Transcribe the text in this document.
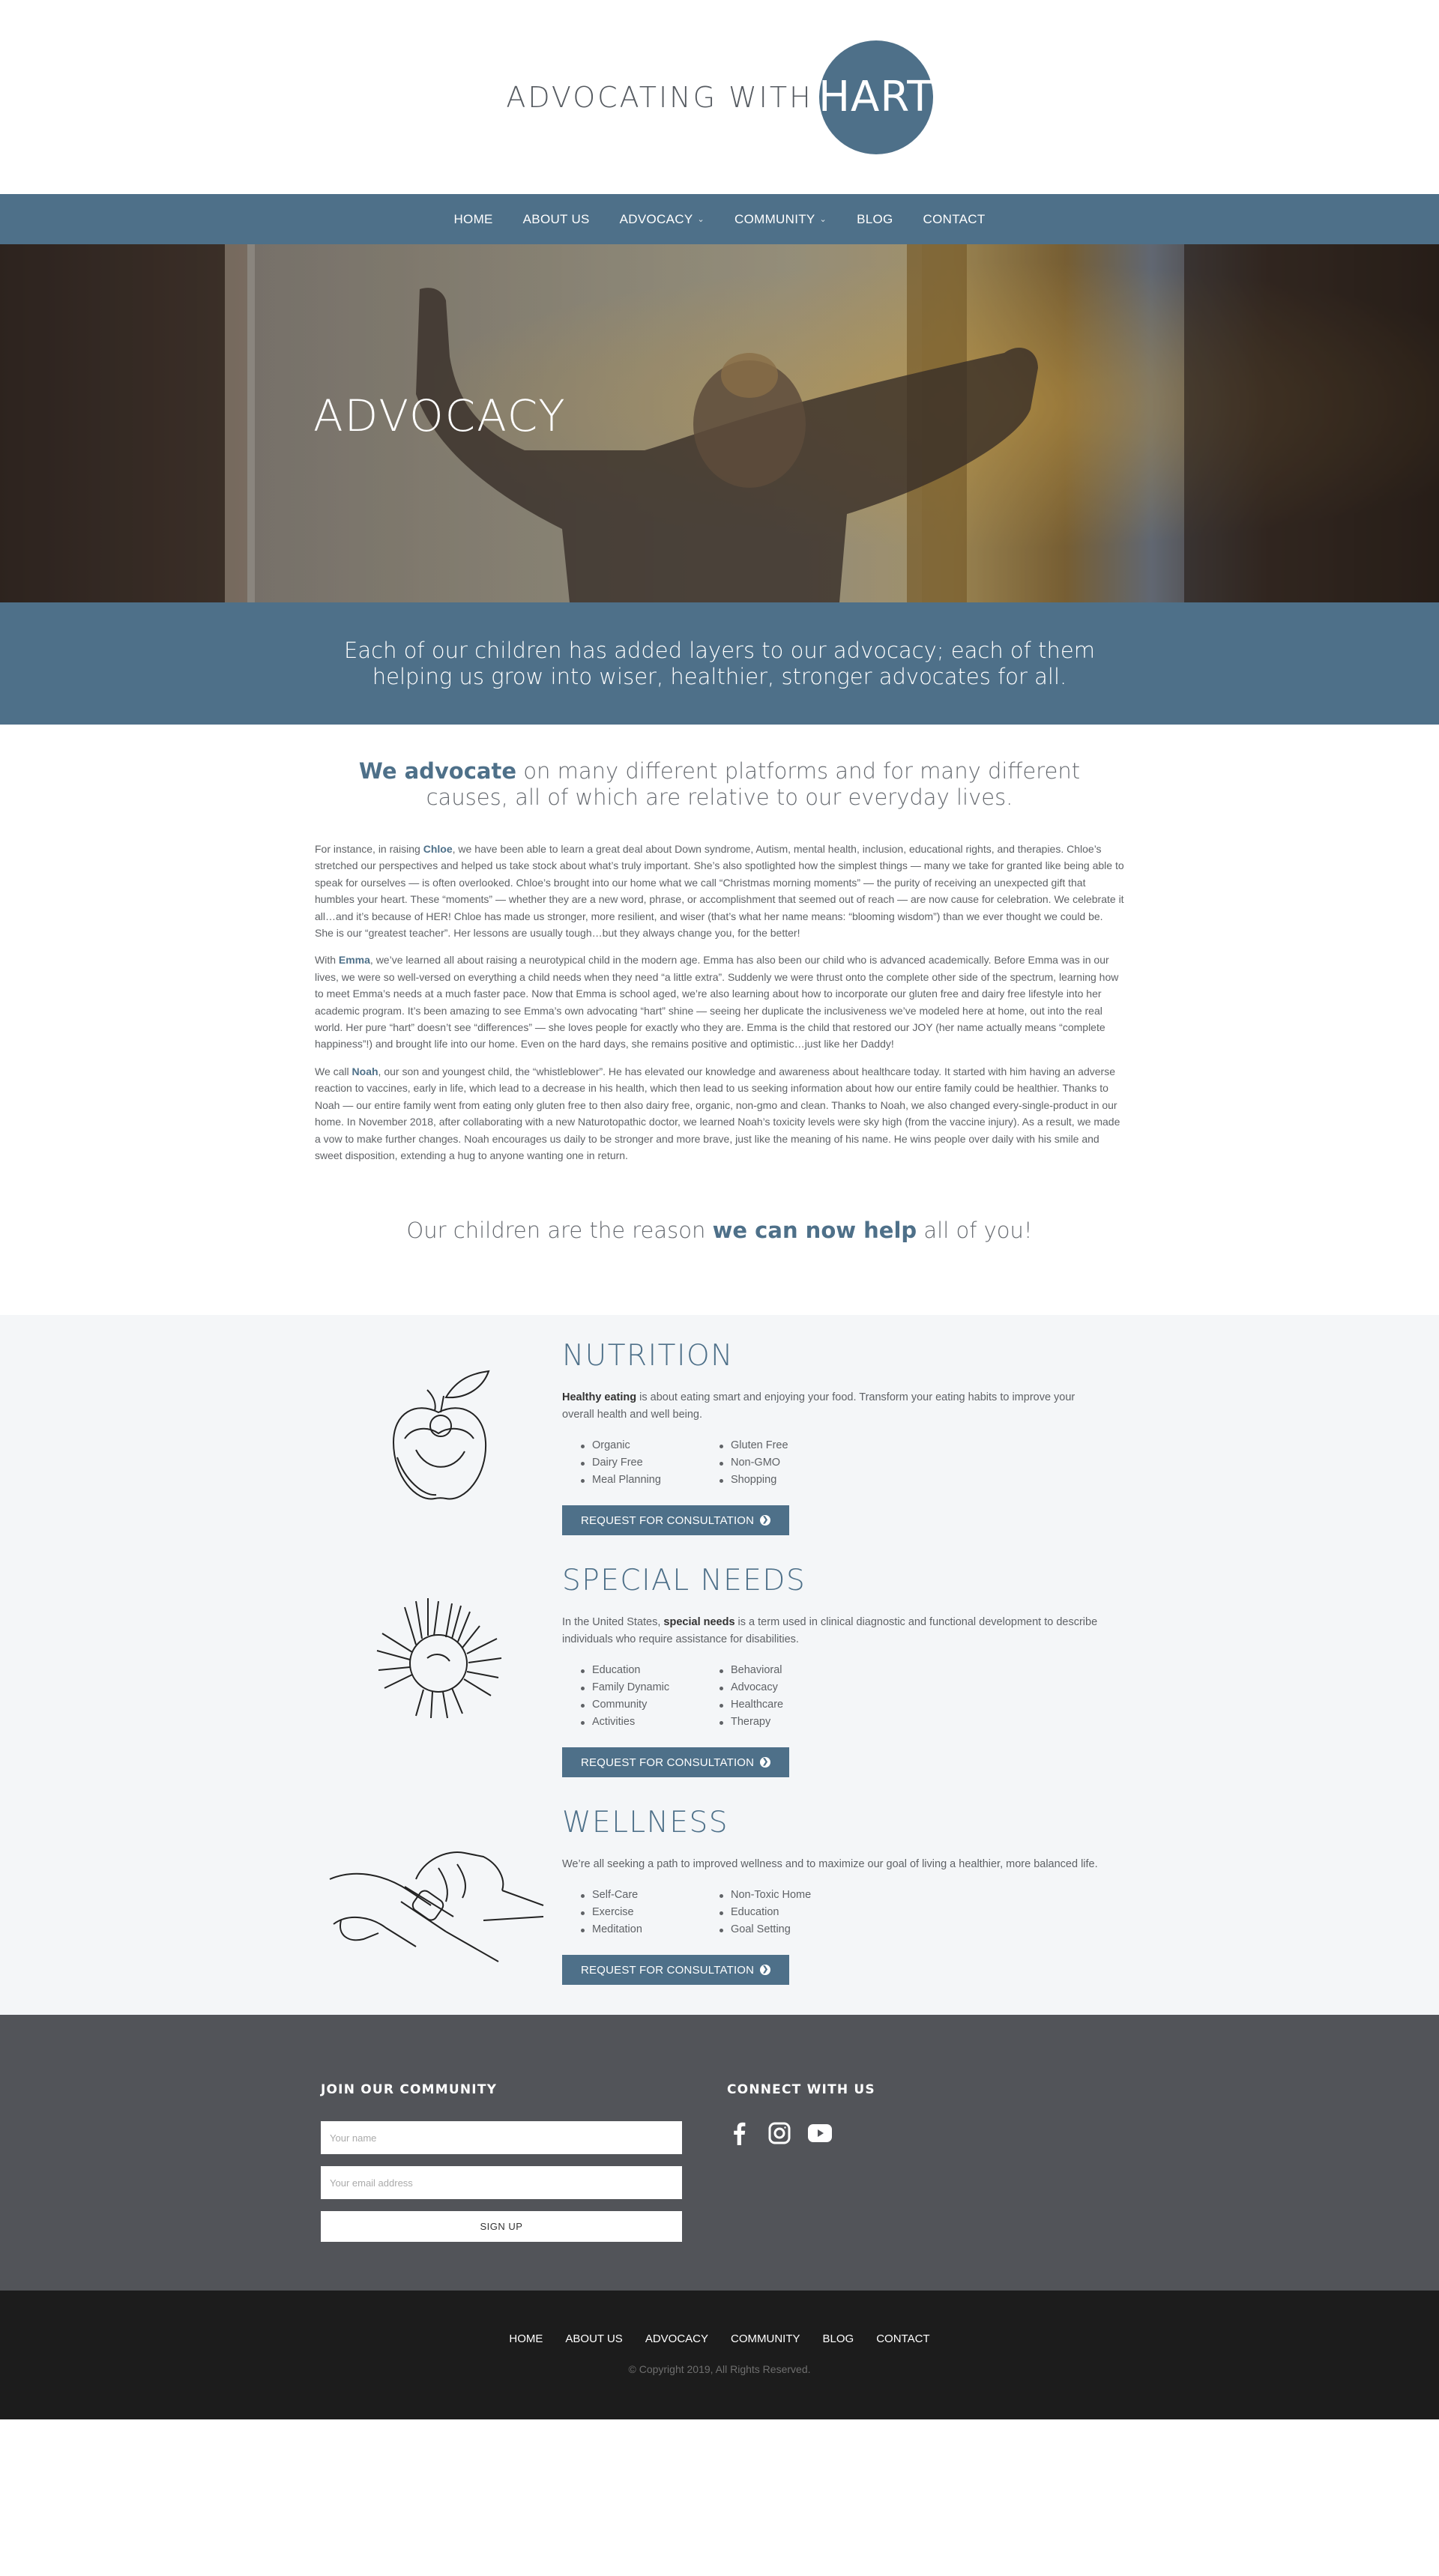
ADVOCATING WITH HART
HOME ABOUT US ADVOCACY ⌄ COMMUNITY ⌄ BLOG CONTACT
ADVOCACY

Each of our children has added layers to our advocacy; each of them helping us grow into wiser, healthier, stronger advocates for all.

We advocate on many different platforms and for many different causes, all of which are relative to our everyday lives.

For instance, in raising Chloe, we have been able to learn a great deal about Down syndrome, Autism, mental health, inclusion, educational rights, and therapies. Chloe’s stretched our perspectives and helped us take stock about what’s truly important. She’s also spotlighted how the simplest things — many we take for granted like being able to speak for ourselves — is often overlooked. Chloe’s brought into our home what we call “Christmas morning moments” — the purity of receiving an unexpected gift that humbles your heart. These “moments” — whether they are a new word, phrase, or accomplishment that seemed out of reach — are now cause for celebration. We celebrate it all…and it’s because of HER! Chloe has made us stronger, more resilient, and wiser (that’s what her name means: “blooming wisdom”) than we ever thought we could be. She is our “greatest teacher”. Her lessons are usually tough…but they always change you, for the better!

With Emma, we’ve learned all about raising a neurotypical child in the modern age. Emma has also been our child who is advanced academically. Before Emma was in our lives, we were so well-versed on everything a child needs when they need “a little extra”. Suddenly we were thrust onto the complete other side of the spectrum, learning how to meet Emma’s needs at a much faster pace. Now that Emma is school aged, we’re also learning about how to incorporate our gluten free and dairy free lifestyle into her academic program. It’s been amazing to see Emma’s own advocating “hart” shine — seeing her duplicate the inclusiveness we’ve modeled here at home, out into the real world. Her pure “hart” doesn’t see “differences” — she loves people for exactly who they are. Emma is the child that restored our JOY (her name actually means “complete happiness”!) and brought life into our home. Even on the hard days, she remains positive and optimistic…just like her Daddy!

We call Noah, our son and youngest child, the “whistleblower”. He has elevated our knowledge and awareness about healthcare today. It started with him having an adverse reaction to vaccines, early in life, which lead to a decrease in his health, which then lead to us seeking information about how our entire family could be healthier. Thanks to Noah — our entire family went from eating only gluten free to then also dairy free, organic, non-gmo and clean. Thanks to Noah, we also changed every-single-product in our home. In November 2018, after collaborating with a new Naturotopathic doctor, we learned Noah’s toxicity levels were sky high (from the vaccine injury). As a result, we made a vow to make further changes. Noah encourages us daily to be stronger and more brave, just like the meaning of his name. He wins people over daily with his smile and sweet disposition, extending a hug to anyone wanting one in return.

Our children are the reason we can now help all of you!
NUTRITION

Healthy eating is about eating smart and enjoying your food. Transform your eating habits to improve your overall health and well being.

Organic
Dairy Free
Meal Planning
Gluten Free
Non-GMO
Shopping
REQUEST FOR CONSULTATION ❯
SPECIAL NEEDS

In the United States, special needs is a term used in clinical diagnostic and functional development to describe individuals who require assistance for disabilities.

Education
Family Dynamic
Community
Activities
Behavioral
Advocacy
Healthcare
Therapy
REQUEST FOR CONSULTATION ❯
WELLNESS

We’re all seeking a path to improved wellness and to maximize our goal of living a healthier, more balanced life.

Self-Care
Exercise
Meditation
Non-Toxic Home
Education
Goal Setting
REQUEST FOR CONSULTATION ❯
JOIN OUR COMMUNITY
Your name
Your email address SIGN UP
CONNECT WITH US
HOME ABOUT US ADVOCACY COMMUNITY BLOG CONTACT
© Copyright 2019, All Rights Reserved.
